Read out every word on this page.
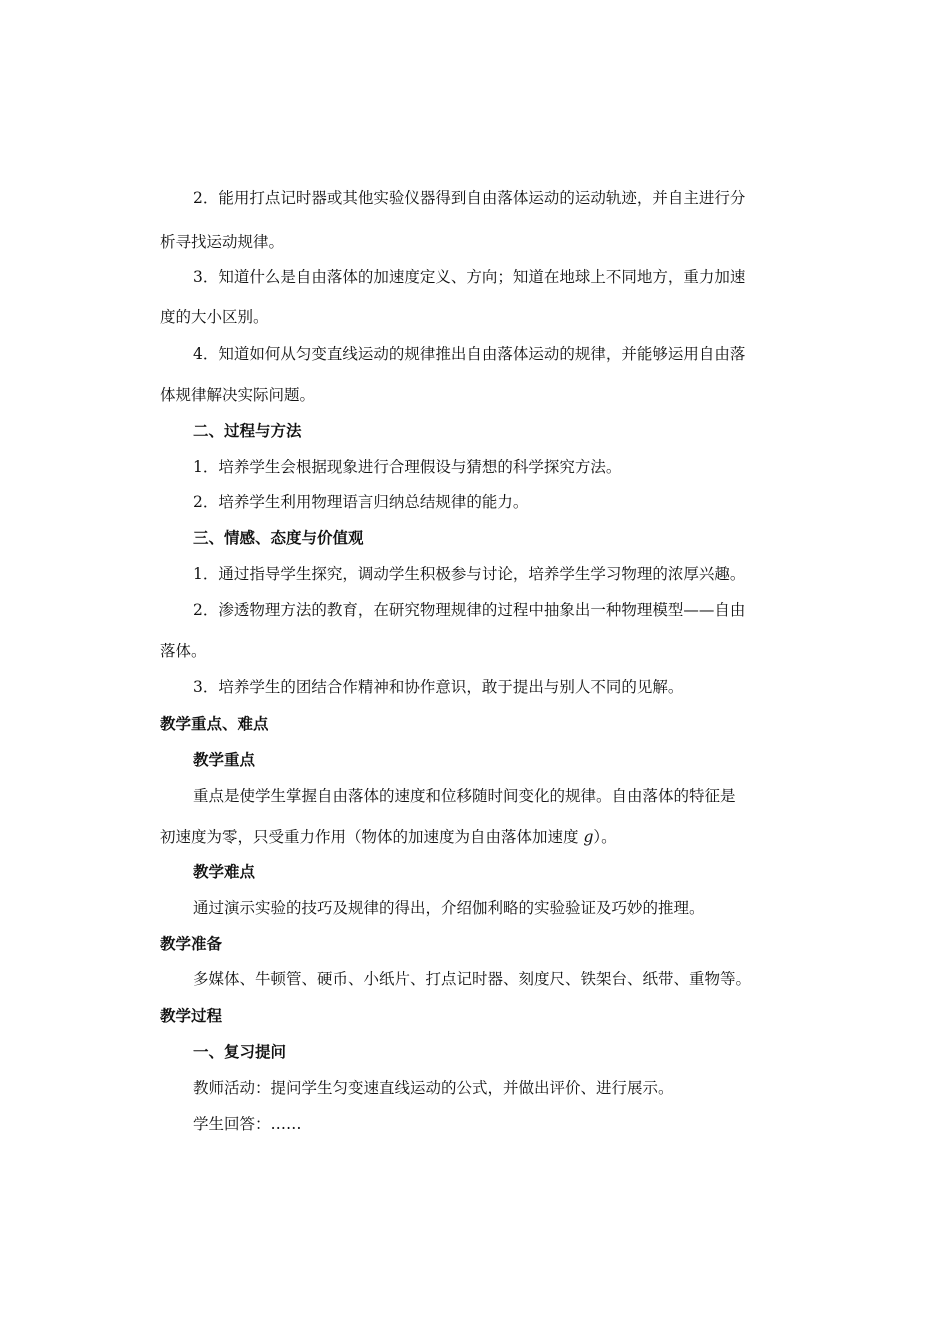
2．能用打点记时器或其他实验仪器得到自由落体运动的运动轨迹，并自主进行分
析寻找运动规律。
3．知道什么是自由落体的加速度定义、方向；知道在地球上不同地方，重力加速
度的大小区别。
4．知道如何从匀变直线运动的规律推出自由落体运动的规律，并能够运用自由落
体规律解决实际问题。
二、过程与方法
1．培养学生会根据现象进行合理假设与猜想的科学探究方法。
2．培养学生利用物理语言归纳总结规律的能力。
三、情感、态度与价值观
1．通过指导学生探究，调动学生积极参与讨论，培养学生学习物理的浓厚兴趣。
2．渗透物理方法的教育，在研究物理规律的过程中抽象出一种物理模型——自由
落体。
3．培养学生的团结合作精神和协作意识，敢于提出与别人不同的见解。
教学重点、难点
教学重点
重点是使学生掌握自由落体的速度和位移随时间变化的规律。自由落体的特征是
初速度为零，只受重力作用（物体的加速度为自由落体加速度 g）。
教学难点
通过演示实验的技巧及规律的得出，介绍伽利略的实验验证及巧妙的推理。
教学准备
多媒体、牛顿管、硬币、小纸片、打点记时器、刻度尺、铁架台、纸带、重物等。
教学过程
一、复习提问
教师活动：提问学生匀变速直线运动的公式，并做出评价、进行展示。
学生回答：……
